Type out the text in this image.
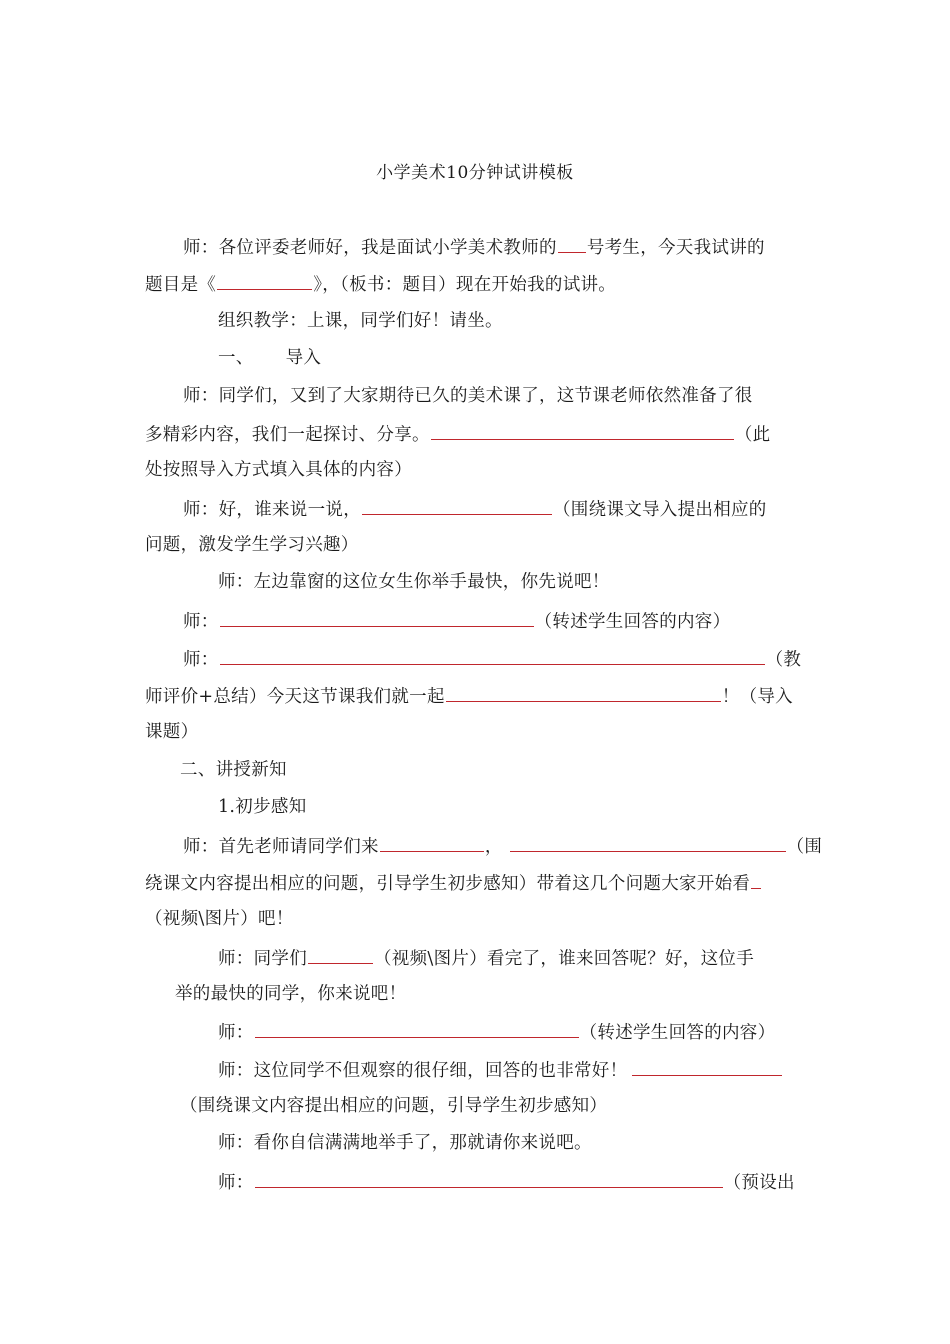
小学美术10分钟试讲模板
师：各位评委老师好，我是面试小学美术教师的 号考生，今天我试讲的
题目是《	》，（板书：题目）现在开始我的试讲。
组织教学：上课，同学们好！请坐。
一、 导入
师：同学们，又到了大家期待已久的美术课了，这节课老师依然准备了很
多精彩内容，我们一起探讨、分享。	（此
处按照导入方式填入具体的内容）
师：好，谁来说一说，	（围绕课文导入提出相应的
问题，激发学生学习兴趣）
师：左边靠窗的这位女生你举手最快，你先说吧！
师：	（转述学生回答的内容）
师：	（教
师评价+总结）今天这节课我们就一起	！（导入
课题）
二、讲授新知
1.初步感知
师：首先老师请同学们来	，	（围
绕课文内容提出相应的问题，引导学生初步感知）带着这几个问题大家开始看
（视频\图片）吧！
师：同学们	（视频\图片）看完了，谁来回答呢？好，这位手
举的最快的同学，你来说吧！
师：	（转述学生回答的内容）
师：这位同学不但观察的很仔细，回答的也非常好！
（围绕课文内容提出相应的问题，引导学生初步感知）
师：看你自信满满地举手了，那就请你来说吧。
师：	（预设出
